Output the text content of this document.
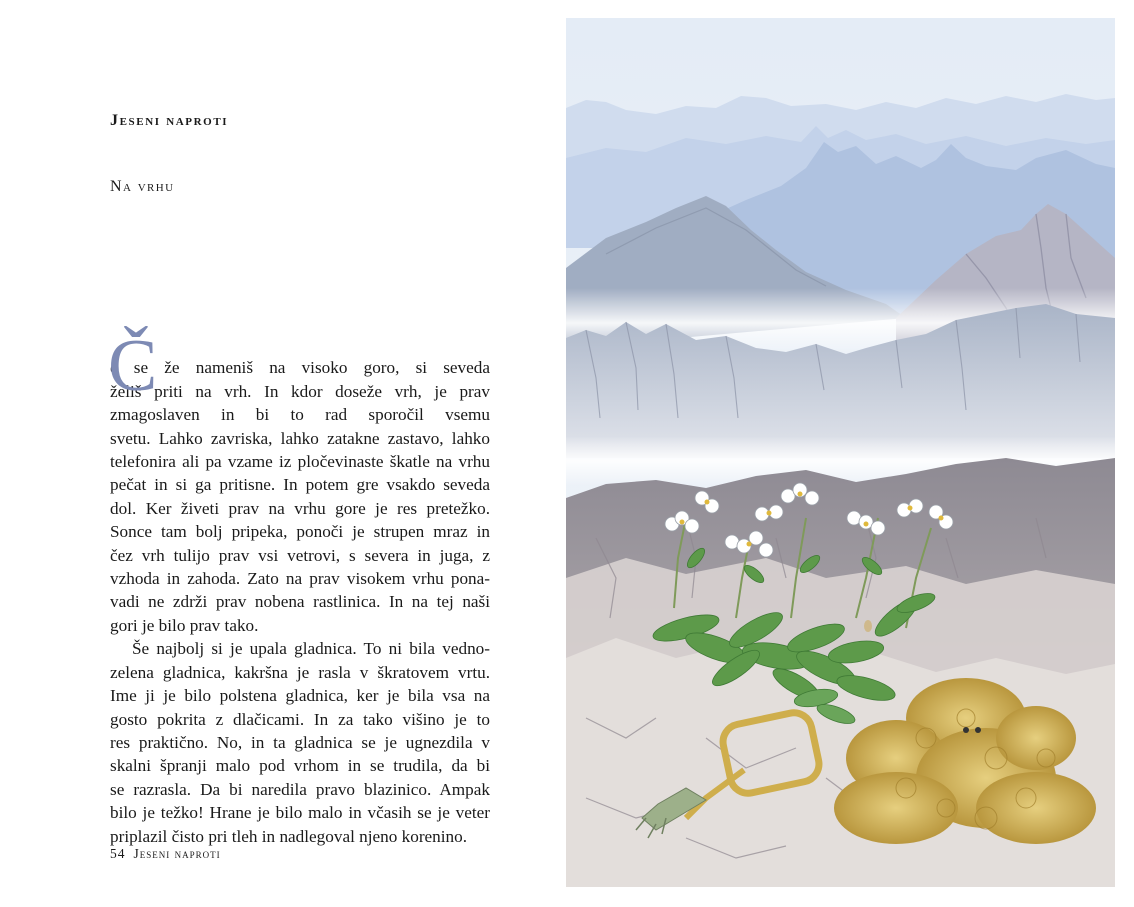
Jeseni naproti
Na vrhu

Č
e se že nameniš na visoko goro, si seveda
želiš priti na vrh. In kdor doseže vrh, je prav
zmagoslaven in bi to rad sporočil vsemu
svetu. Lahko zavriska, lahko zatakne zastavo, lahko
telefonira ali pa vzame iz pločevinaste škatle na vrhu
pečat in si ga pritisne. In potem gre vsakdo seveda
dol. Ker živeti prav na vrhu gore je res pretežko.
Sonce tam bolj pripeka, ponoči je strupen mraz in
čez vrh tulijo prav vsi vetrovi, s severa in juga, z
vzhoda in zahoda. Zato na prav visokem vrhu pona-
vadi ne zdrži prav nobena rastlinica. In na tej naši
gori je bilo prav tako.

Še najbolj si je upala gladnica. To ni bila vedno-
zelena gladnica, kakršna je rasla v škratovem vrtu.
Ime ji je bilo polstena gladnica, ker je bila vsa na
gosto pokrita z dlačicami. In za tako višino je to
res praktično. No, in ta gladnica se je ugnezdila v
skalni špranji malo pod vrhom in se trudila, da bi
se razrasla. Da bi naredila pravo blazinico. Ampak
bilo je težko! Hrane je bilo malo in včasih se je veter
priplazil čisto pri tleh in nadlegoval njeno korenino.

54 Jeseni naproti
